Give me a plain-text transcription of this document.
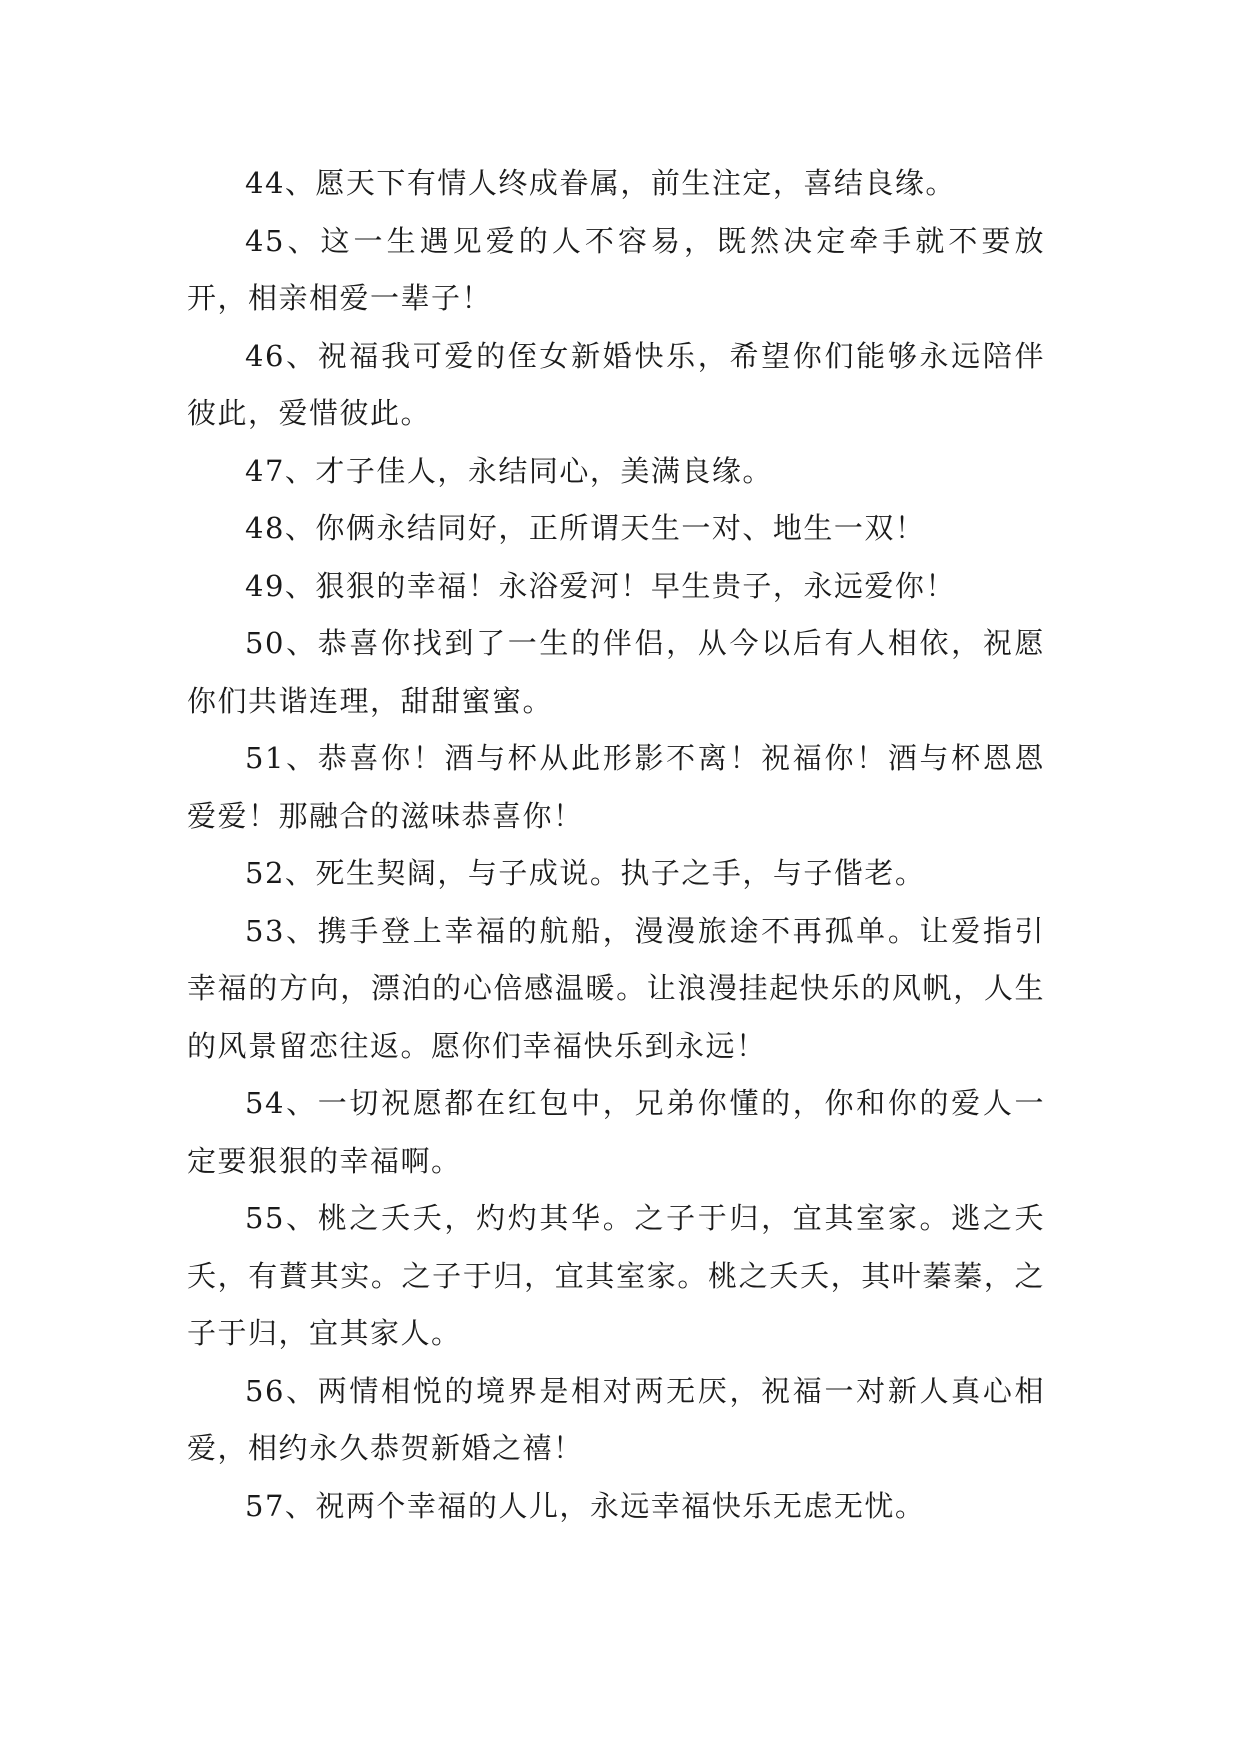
44、愿天下有情人终成眷属，前生注定，喜结良缘。

45、这一生遇见爱的人不容易，既然决定牵手就不要放开，相亲相爱一辈子！

46、祝福我可爱的侄女新婚快乐，希望你们能够永远陪伴彼此，爱惜彼此。

47、才子佳人，永结同心，美满良缘。

48、你俩永结同好，正所谓天生一对、地生一双！

49、狠狠的幸福！永浴爱河！早生贵子，永远爱你！

50、恭喜你找到了一生的伴侣，从今以后有人相依，祝愿你们共谐连理，甜甜蜜蜜。

51、恭喜你！酒与杯从此形影不离！祝福你！酒与杯恩恩爱爱！那融合的滋味恭喜你！

52、死生契阔，与子成说。执子之手，与子偕老。

53、携手登上幸福的航船，漫漫旅途不再孤单。让爱指引幸福的方向，漂泊的心倍感温暖。让浪漫挂起快乐的风帆，人生的风景留恋往返。愿你们幸福快乐到永远！

54、一切祝愿都在红包中，兄弟你懂的，你和你的爱人一定要狠狠的幸福啊。

55、桃之夭夭，灼灼其华。之子于归，宜其室家。逃之夭夭，有蕡其实。之子于归，宜其室家。桃之夭夭，其叶蓁蓁，之子于归，宜其家人。

56、两情相悦的境界是相对两无厌，祝福一对新人真心相爱，相约永久恭贺新婚之禧！

57、祝两个幸福的人儿，永远幸福快乐无虑无忧。
